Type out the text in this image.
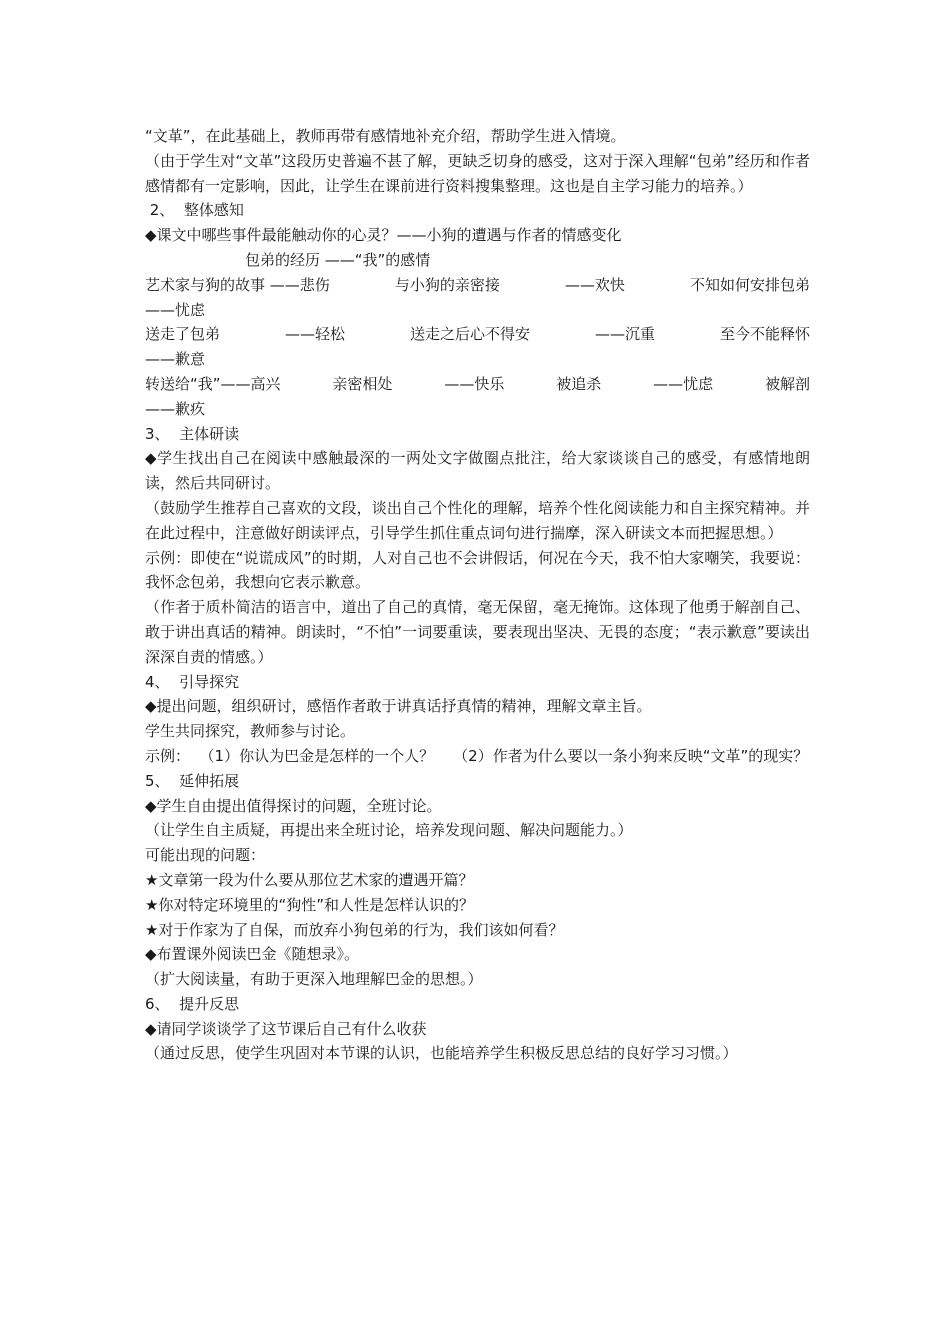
“文革”，在此基础上，教师再带有感情地补充介绍，帮助学生进入情境。
（由于学生对“文革”这段历史普遍不甚了解，更缺乏切身的感受，这对于深入理解“包弟”经历和作者感情都有一定影响，因此，让学生在课前进行资料搜集整理。这也是自主学习能力的培养。）
2、  整体感知
◆课文中哪些事件最能触动你的心灵？——小狗的遭遇与作者的情感变化
包弟的经历 ——“我”的感情
艺术家与狗的故事 ——悲伤	与小狗的亲密接	——欢快	不知如何安排包弟
——忧虑
送走了包弟	——轻松	送走之后心不得安	——沉重	至今不能释怀
——歉意
转送给“我”——高兴	亲密相处	——快乐	被追杀	——忧虑	被解剖
——歉疚
3、  主体研读
◆学生找出自己在阅读中感触最深的一两处文字做圈点批注，给大家谈谈自己的感受，有感情地朗读，然后共同研讨。
（鼓励学生推荐自己喜欢的文段，谈出自己个性化的理解，培养个性化阅读能力和自主探究精神。并在此过程中，注意做好朗读评点，引导学生抓住重点词句进行揣摩，深入研读文本而把握思想。）
示例：即使在“说谎成风”的时期，人对自己也不会讲假话，何况在今天，我不怕大家嘲笑，我要说：我怀念包弟，我想向它表示歉意。
（作者于质朴简洁的语言中，道出了自己的真情，毫无保留，毫无掩饰。这体现了他勇于解剖自己、敢于讲出真话的精神。朗读时，“不怕”一词要重读，要表现出坚决、无畏的态度；“表示歉意”要读出深深自责的情感。）
4、  引导探究
◆提出问题，组织研讨，感悟作者敢于讲真话抒真情的精神，理解文章主旨。
学生共同探究，教师参与讨论。
示例：  （1）你认为巴金是怎样的一个人？    （2）作者为什么要以一条小狗来反映“文革”的现实？
5、  延伸拓展
◆学生自由提出值得探讨的问题，全班讨论。
（让学生自主质疑，再提出来全班讨论，培养发现问题、解决问题能力。）
可能出现的问题：
★文章第一段为什么要从那位艺术家的遭遇开篇？
★你对特定环境里的“狗性”和人性是怎样认识的？
★对于作家为了自保，而放弃小狗包弟的行为，我们该如何看？
◆布置课外阅读巴金《随想录》。
（扩大阅读量，有助于更深入地理解巴金的思想。）
6、  提升反思
◆请同学谈谈学了这节课后自己有什么收获
（通过反思，使学生巩固对本节课的认识，也能培养学生积极反思总结的良好学习习惯。）
